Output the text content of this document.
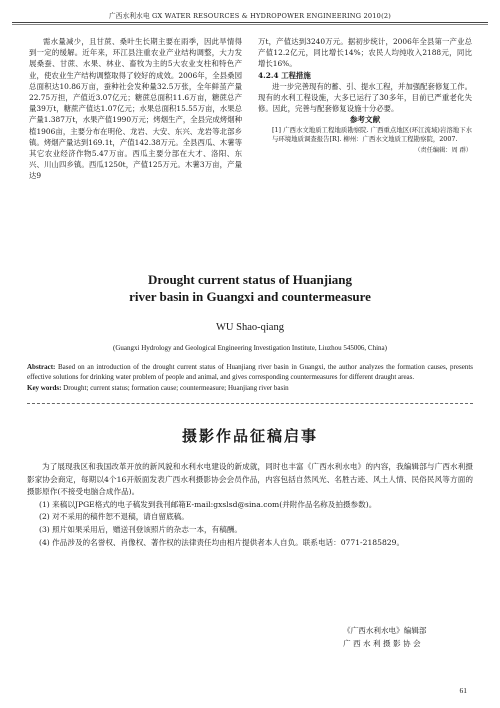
广西水利水电 GX WATER RESOURCES & HYDROPOWER ENGINEERING 2010(2)

需水量减少，且甘蔗、桑叶生长期主要在雨季，因此旱情得到一定的缓解。近年来，环江县注重农业产业结构调整，大力发展桑蚕、甘蔗、水果、林业、畜牧为主的5大农业支柱和特色产业，使农业生产结构调整取得了较好的成效。2006年，全县桑园总面积达10.86万亩，蚕种社会发种量32.5万张，全年鲜茧产量22.75万担，产值近3.07亿元；糖蔗总面积11.6万亩，糖蔗总产量39万t，糖蔗产值达1.07亿元；水果总面积15.55万亩，水果总产量1.387万t，水果产值1990万元；烤烟生产，全县完成烤烟种植1906亩，主要分布在明伦、龙岩、大安、东兴、龙岩等北部乡镇。烤烟产量达到169.1t，产值142.38万元。全县西瓜、木薯等其它农业经济作物5.47万亩。西瓜主要分部在大才、洛阳、东兴、川山四乡镇。西瓜1250t，产值125万元。木薯3万亩，产量达9

万t，产值达到3240万元。据初步统计，2006年全县第一产业总产值12.2亿元，同比增长14%；农民人均纯收入2188元，同比增长16%。

4.2.4 工程措施

进一步完善现有的蓄、引、提水工程，并加强配套修复工作。现有的水利工程设施，大多已运行了30多年，目前已严重老化失修。因此，完善与配套修复设施十分必要。

参考文献

[1] 广西水文地质工程地质勘察院. 广西重点地区(环江流域)岩溶地下水与环境地质调查报告[R]. 柳州：广西水文地质工程勘察院，2007.

（责任编辑：周 群）

Drought current status of Huanjiang
river basin in Guangxi and countermeasure
WU Shao-qiang
(Guangxi Hydrology and Geological Engineering Investigation Institute, Liuzhou 545006, China)
Abstract: Based on an introduction of the drought current status of Huanjiang river basin in Guangxi, the author analyzes the formation causes, presents effective solutions for drinking water problem of people and animal, and gives corresponding countermeasures for different draught areas.
Key words: Drought; current status; formation cause; countermeasure; Huanjiang river basin
摄影作品征稿启事

为了展现我区和我国改革开放的新风貌和水利水电建设的新成就，同时也丰富《广西水利水电》的内容，我编辑部与广西水利摄影家协会商定，每期以4个16开版面发表广西水利摄影协会会员作品，内容包括自然风光、名胜古迹、风土人情、民俗民风等方面的摄影原作(不接受电脑合成作品)。

(1) 来稿以JPGE格式的电子稿发到我刊邮箱E-mail:gxslsd@sina.com(并附作品名称及拍摄参数)。

(2) 对不采用的稿件恕不退稿，请自留底稿。

(3) 照片如果采用后，赠送刊登该照片的杂志一本，有稿酬。

(4) 作品涉及的名誉权、肖像权、著作权的法律责任均由相片提供者本人自负。联系电话：0771-2185829。

《广西水利水电》编辑部
广 西 水 利 摄 影 协 会
61
